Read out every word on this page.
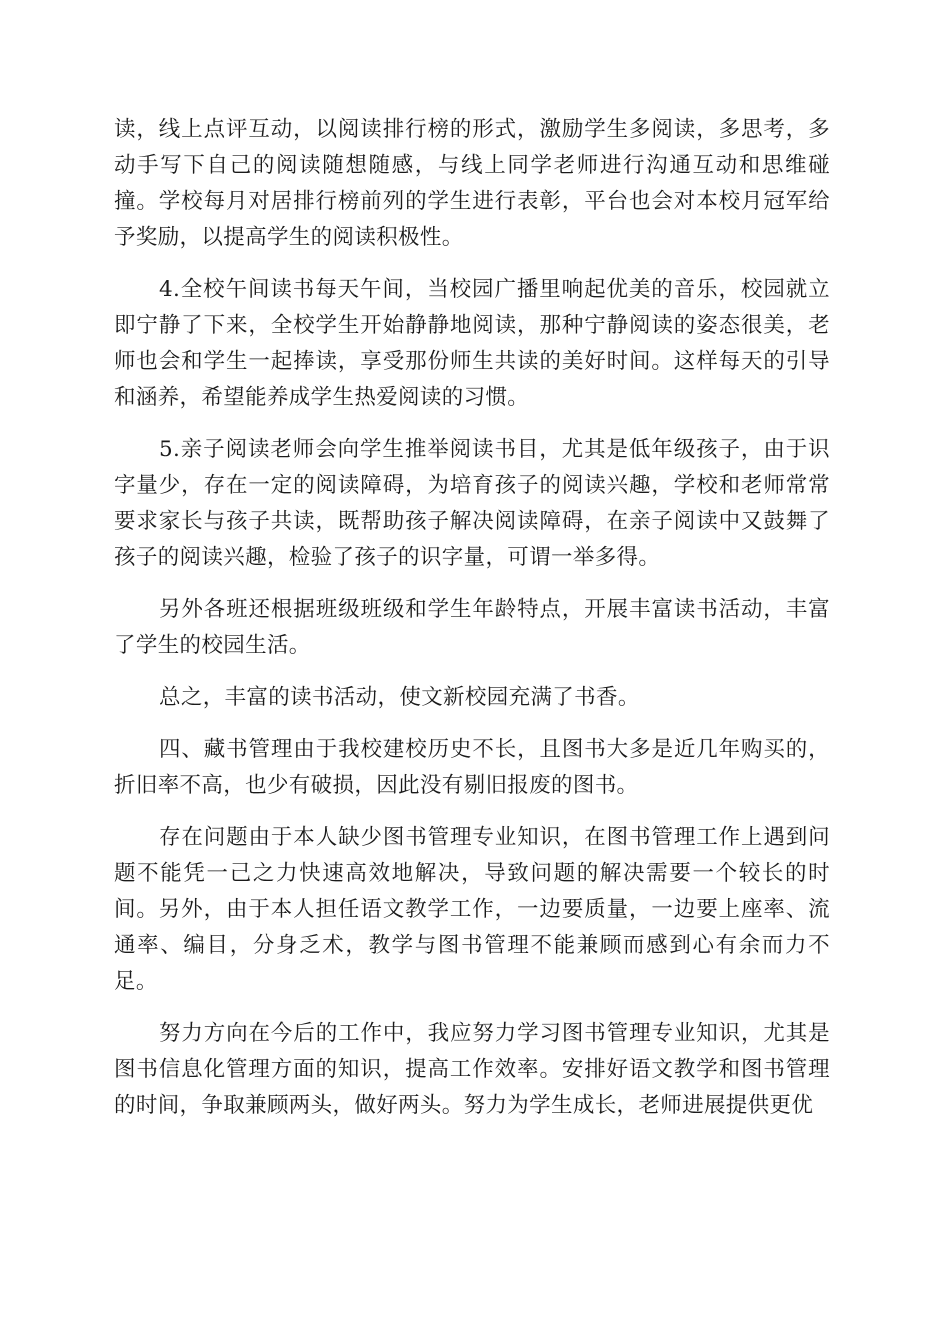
读，线上点评互动，以阅读排行榜的形式，激励学生多阅读，多思考，多动手写下自己的阅读随想随感，与线上同学老师进行沟通互动和思维碰撞。学校每月对居排行榜前列的学生进行表彰，平台也会对本校月冠军给予奖励，以提高学生的阅读积极性。

4.全校午间读书每天午间，当校园广播里响起优美的音乐，校园就立即宁静了下来，全校学生开始静静地阅读，那种宁静阅读的姿态很美，老师也会和学生一起捧读，享受那份师生共读的美好时间。这样每天的引导和涵养，希望能养成学生热爱阅读的习惯。

5.亲子阅读老师会向学生推举阅读书目，尤其是低年级孩子，由于识字量少，存在一定的阅读障碍，为培育孩子的阅读兴趣，学校和老师常常要求家长与孩子共读，既帮助孩子解决阅读障碍，在亲子阅读中又鼓舞了孩子的阅读兴趣，检验了孩子的识字量，可谓一举多得。

另外各班还根据班级班级和学生年龄特点，开展丰富读书活动，丰富了学生的校园生活。

总之，丰富的读书活动，使文新校园充满了书香。

四、藏书管理由于我校建校历史不长，且图书大多是近几年购买的，折旧率不高，也少有破损，因此没有剔旧报废的图书。

存在问题由于本人缺少图书管理专业知识，在图书管理工作上遇到问题不能凭一己之力快速高效地解决，导致问题的解决需要一个较长的时间。另外，由于本人担任语文教学工作，一边要质量，一边要上座率、流通率、编目，分身乏术，教学与图书管理不能兼顾而感到心有余而力不足。

努力方向在今后的工作中，我应努力学习图书管理专业知识，尤其是图书信息化管理方面的知识，提高工作效率。安排好语文教学和图书管理的时间，争取兼顾两头，做好两头。努力为学生成长，老师进展提供更优
